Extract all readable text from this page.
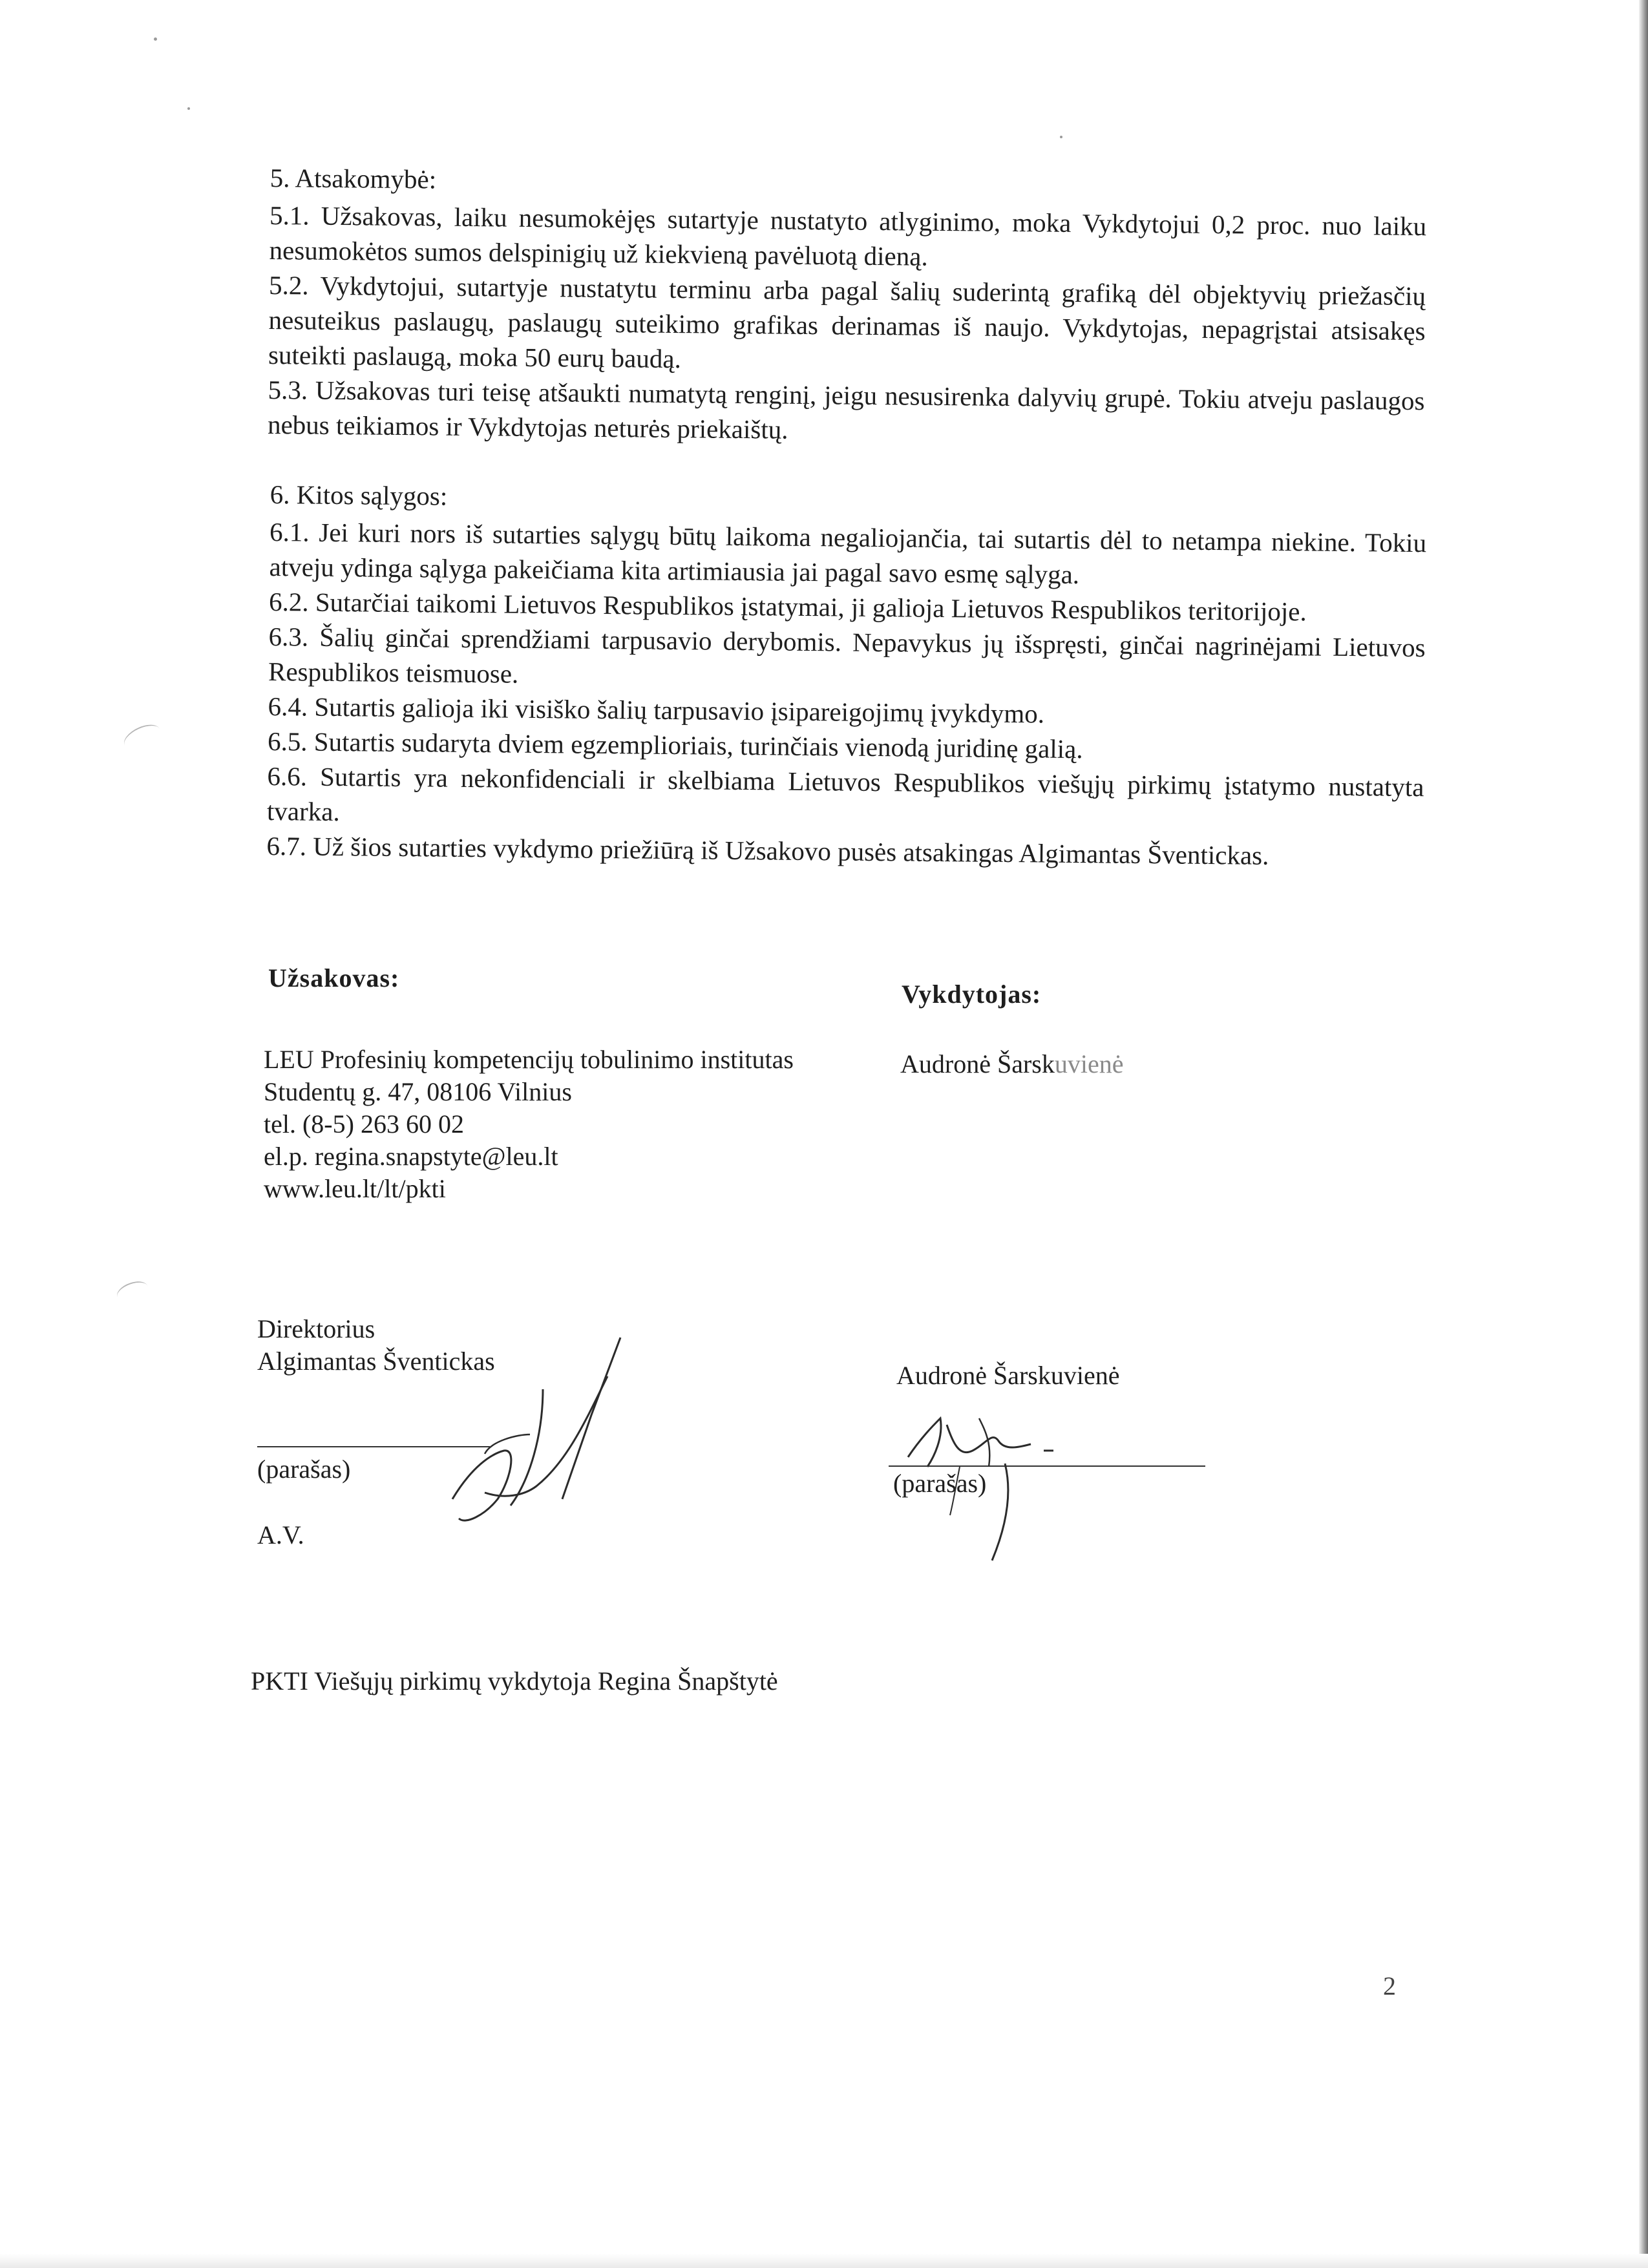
5. Atsakomybė:

5.1. Užsakovas, laiku nesumokėjęs sutartyje nustatyto atlyginimo, moka Vykdytojui 0,2 proc. nuo laiku nesumokėtos sumos delspinigių už kiekvieną pavėluotą dieną.

5.2. Vykdytojui, sutartyje nustatytu terminu arba pagal šalių suderintą grafiką dėl objektyvių priežasčių nesuteikus paslaugų, paslaugų suteikimo grafikas derinamas iš naujo. Vykdytojas, nepagrįstai atsisakęs suteikti paslaugą, moka 50 eurų baudą.

5.3. Užsakovas turi teisę atšaukti numatytą renginį, jeigu nesusirenka dalyvių grupė. Tokiu atveju paslaugos nebus teikiamos ir Vykdytojas neturės priekaištų.

6. Kitos sąlygos:

6.1. Jei kuri nors iš sutarties sąlygų būtų laikoma negaliojančia, tai sutartis dėl to netampa niekine. Tokiu atveju ydinga sąlyga pakeičiama kita artimiausia jai pagal savo esmę sąlyga.

6.2. Sutarčiai taikomi Lietuvos Respublikos įstatymai, ji galioja Lietuvos Respublikos teritorijoje.

6.3. Šalių ginčai sprendžiami tarpusavio derybomis. Nepavykus jų išspręsti, ginčai nagrinėjami Lietuvos Respublikos teismuose.

6.4. Sutartis galioja iki visiško šalių tarpusavio įsipareigojimų įvykdymo.

6.5. Sutartis sudaryta dviem egzemplioriais, turinčiais vienodą juridinę galią.

6.6. Sutartis yra nekonfidenciali ir skelbiama Lietuvos Respublikos viešųjų pirkimų įstatymo nustatyta tvarka.

6.7. Už šios sutarties vykdymo priežiūrą iš Užsakovo pusės atsakingas Algimantas Šventickas.

Užsakovas:

Vykdytojas:

LEU Profesinių kompetencijų tobulinimo institutas
Studentų g. 47, 08106 Vilnius
tel. (8-5) 263 60 02
el.p. regina.snapstyte@leu.lt
www.leu.lt/lt/pkti
Audronė Šarskuvienė
Direktorius
Algimantas Šventickas
(parašas)
A.V.
Audronė Šarskuvienė
(parašas)
PKTI Viešųjų pirkimų vykdytoja Regina Šnapštytė
2
